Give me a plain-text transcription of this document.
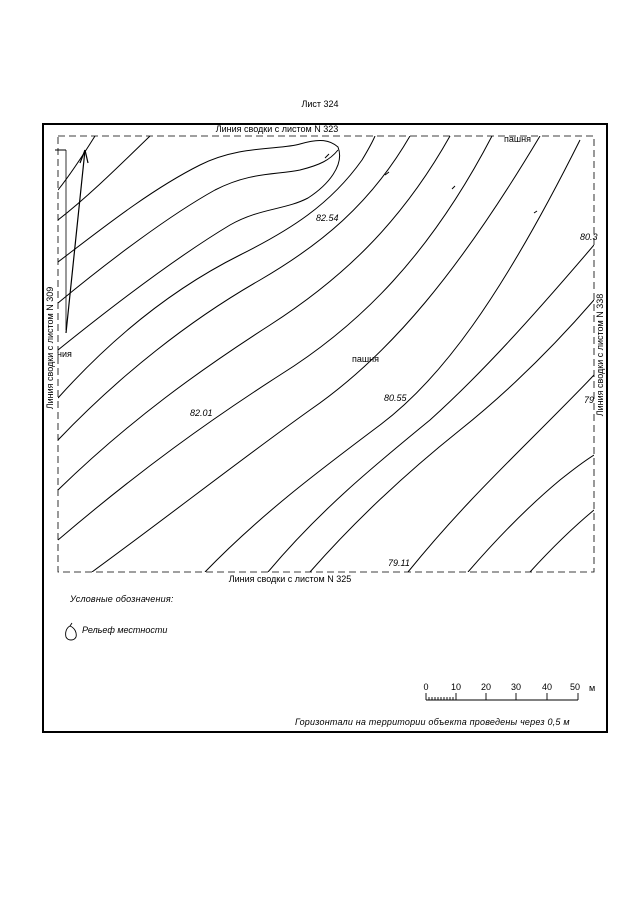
Лист 324
пашня
пашня
ния
82.54
82.01
80.55
79.11
80.3
79
Линия сводки с листом N 323
Линия сводки с листом N 325
Линия сводки с листом N 309	Линия сводки с листом N 338
0 10 20 30 40 50
Условные обозначения:
Рельеф местности
м
Горизонтали на территории объекта проведены через 0,5 м
